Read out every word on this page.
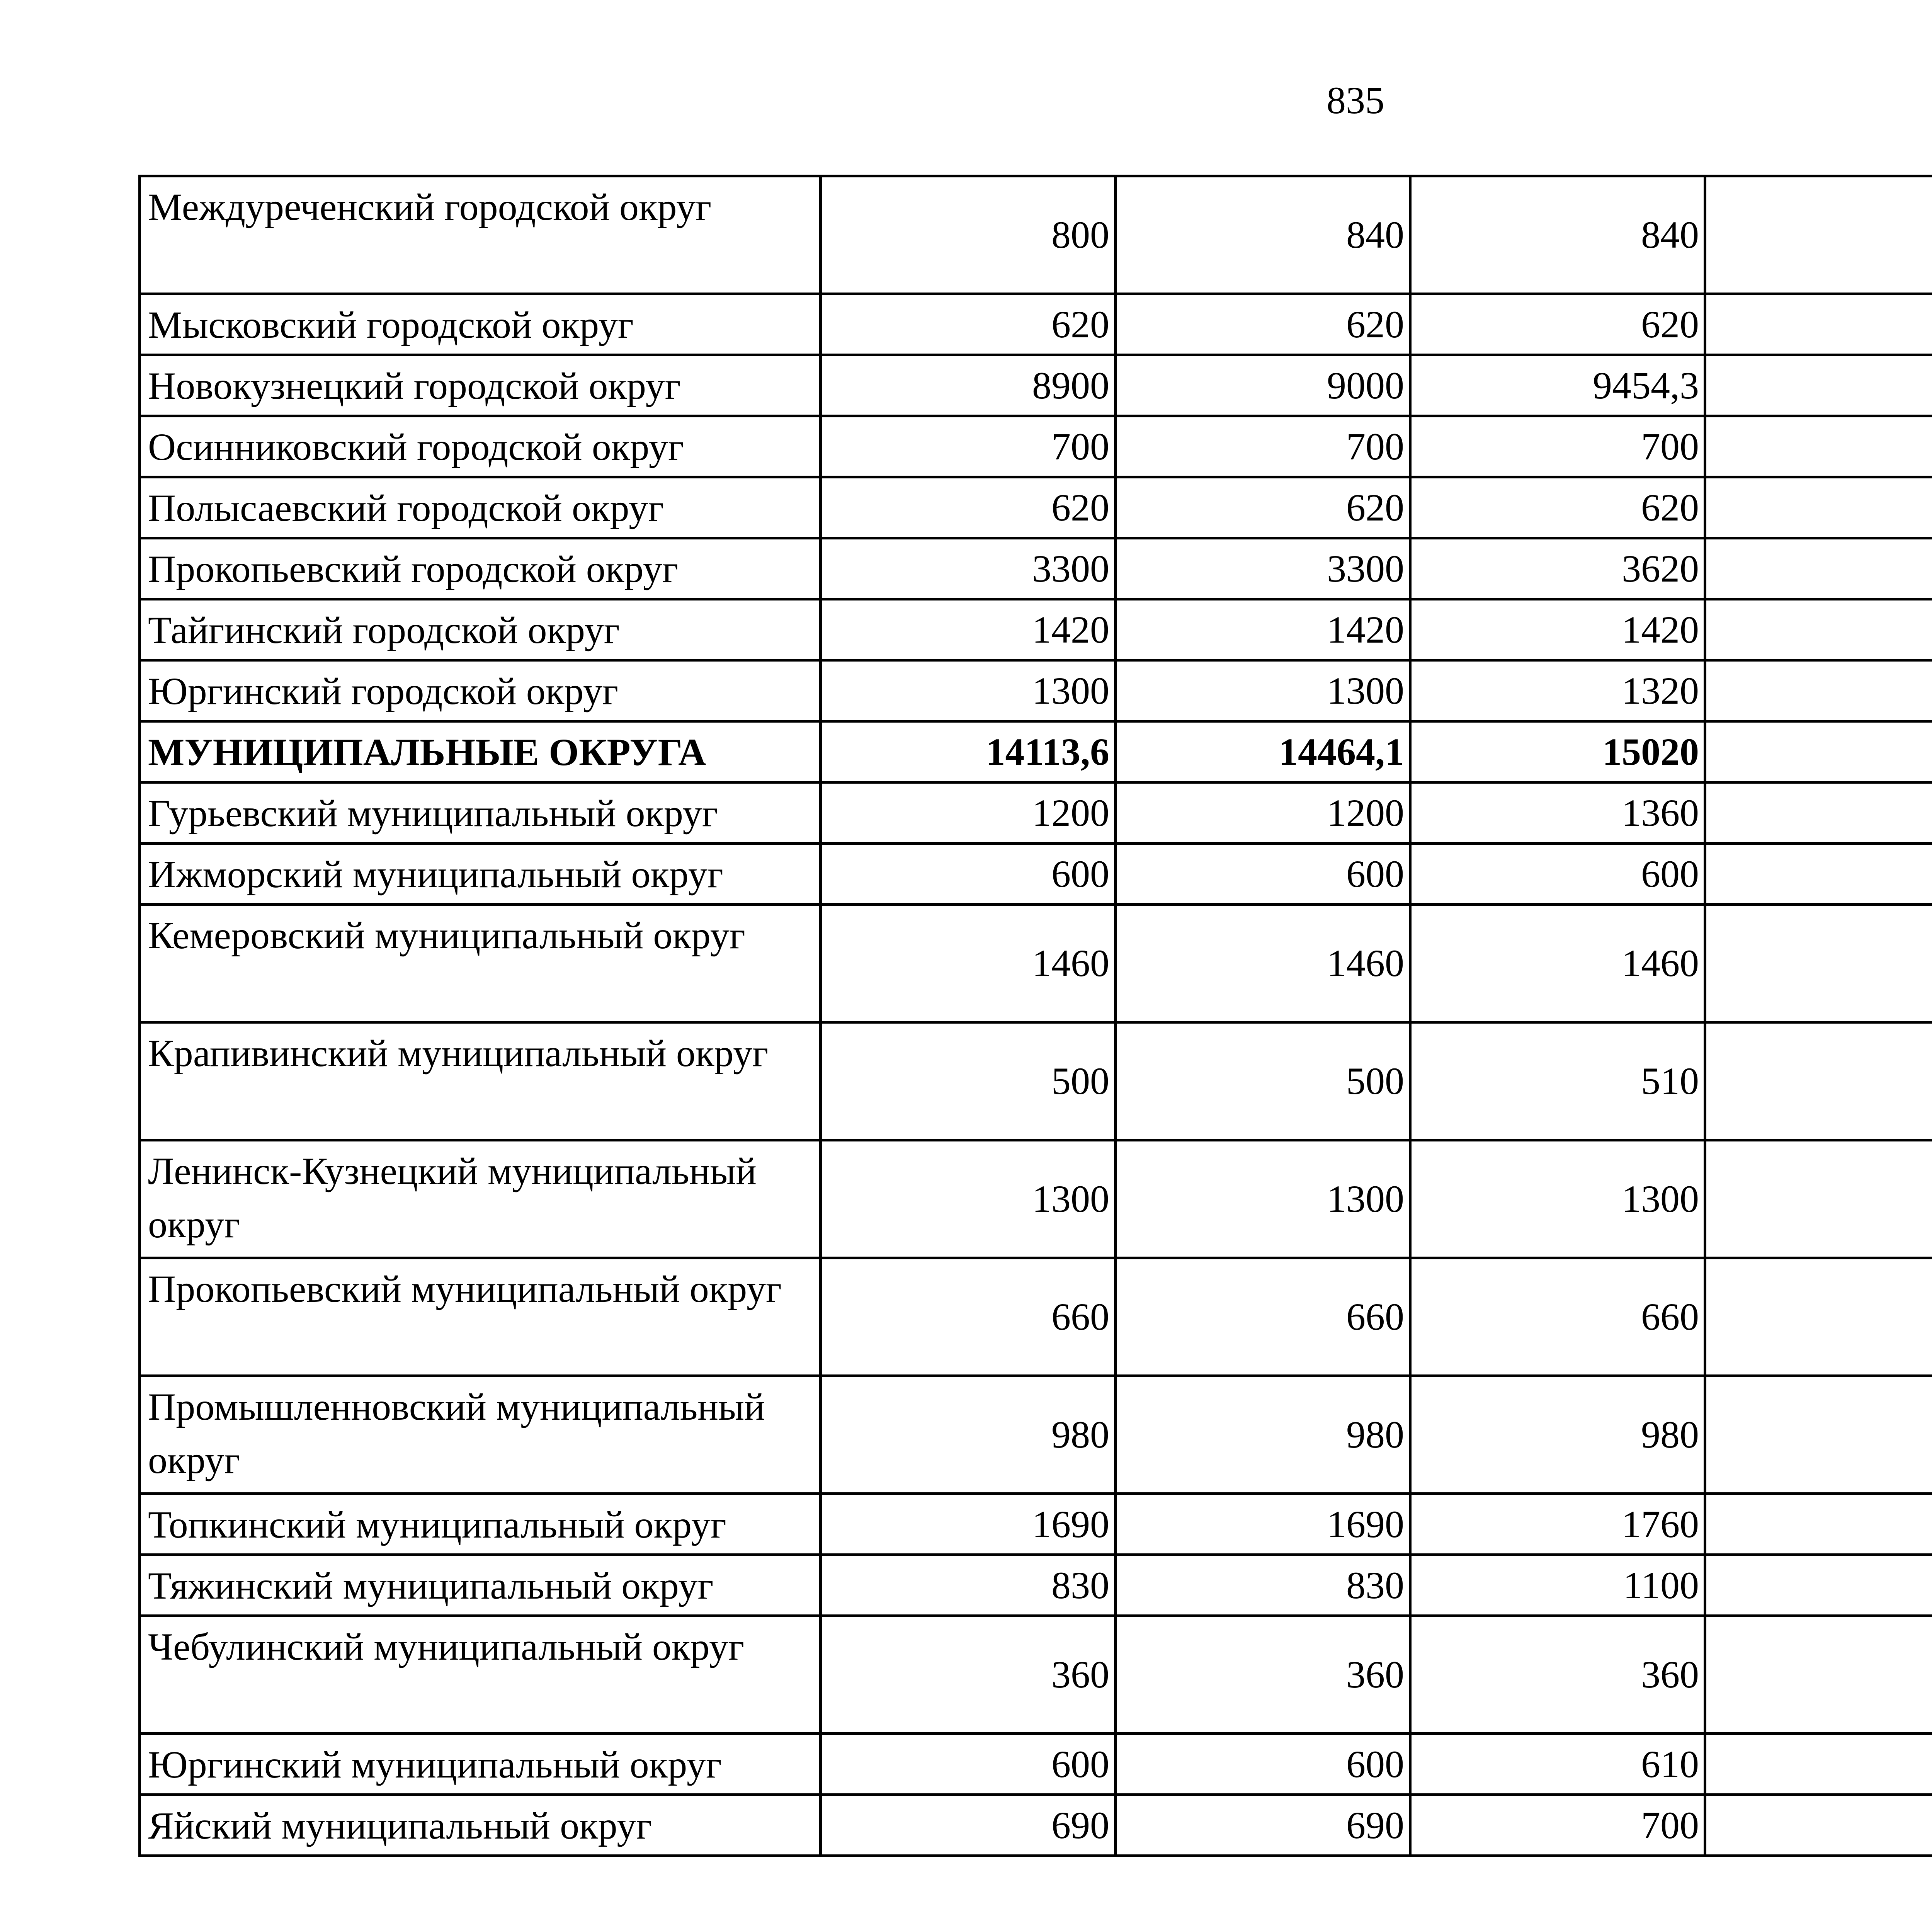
835
Междуреченский городской округ	800	840	840			
Мысковский городской округ	620	620	620			
Новокузнецкий городской округ	8900	9000	9454,3			
Осинниковский городской округ	700	700	700			
Полысаевский городской округ	620	620	620			
Прокопьевский городской округ	3300	3300	3620			
Тайгинский городской округ	1420	1420	1420			
Юргинский городской округ	1300	1300	1320			
МУНИЦИПАЛЬНЫЕ ОКРУГА	14113,6	14464,1	15020			
Гурьевский муниципальный округ	1200	1200	1360			
Ижморский муниципальный округ	600	600	600			
Кемеровский муниципальный округ	1460	1460	1460			
Крапивинский муниципальный округ	500	500	510			
Ленинск-Кузнецкий муниципальный округ	1300	1300	1300			
Прокопьевский муниципальный округ	660	660	660			
Промышленновский муниципальный округ	980	980	980			
Топкинский муниципальный округ	1690	1690	1760			
Тяжинский муниципальный округ	830	830	1100			
Чебулинский муниципальный округ	360	360	360			
Юргинский муниципальный округ	600	600	610			
Яйский муниципальный округ	690	690	700			
